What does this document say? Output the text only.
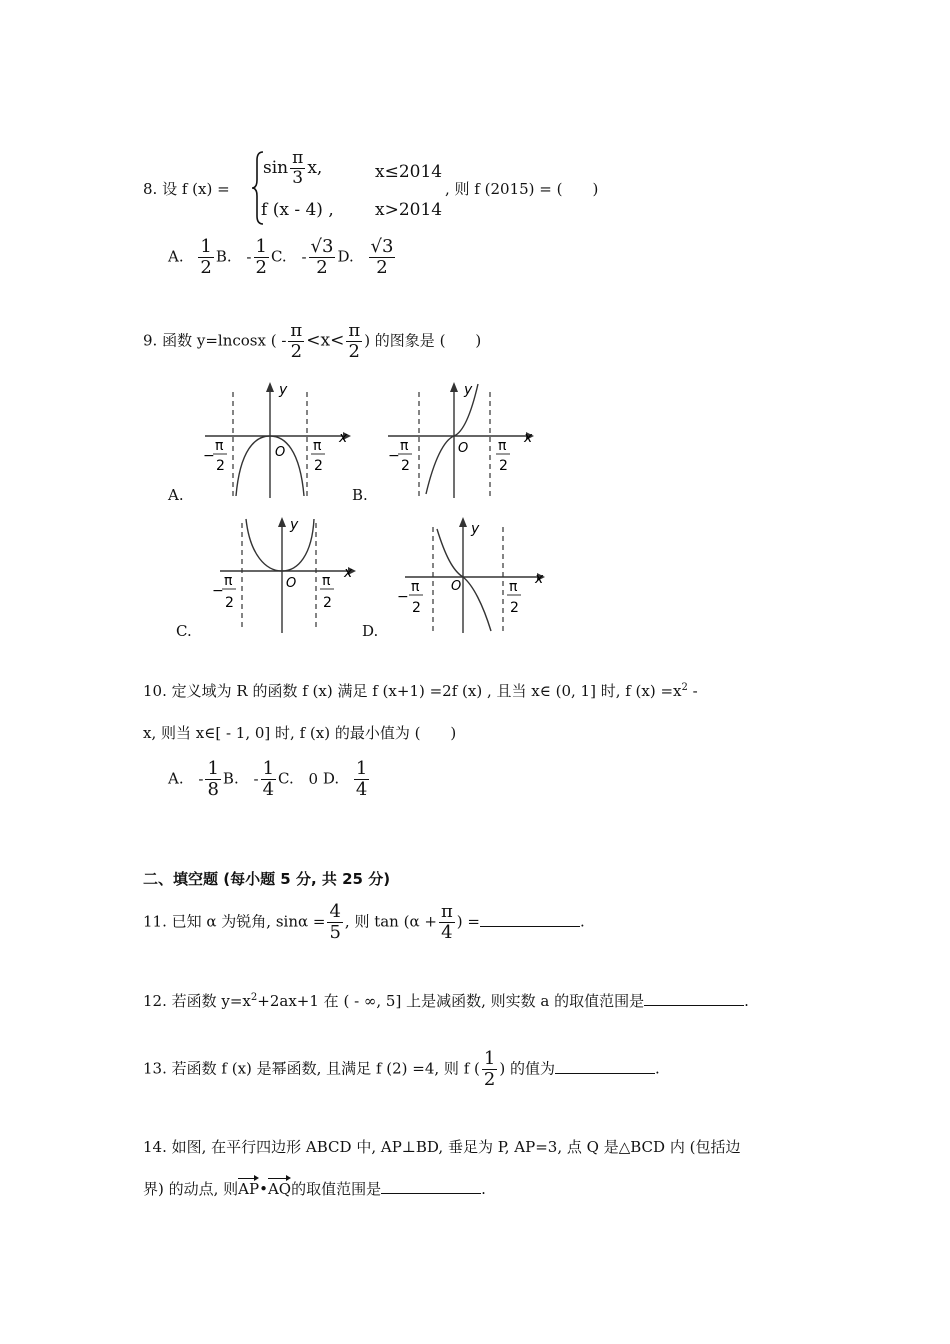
8. 设 f (x) =
$\sin \frac{\pi}{3} x$,	x≤2014
f (x - 4) , x>2014
, 则 f (2015) = (　　)
A. $\frac{1}{2} B$. - $\frac{1}{2} C$. - $\frac{√3}{2} D$. $\frac{√3}{2}$
9. 函数 y=lncosx ( - $\frac{\pi}{2} <x< \frac{\pi}{2}$ ) 的图象是 (　　)
y
x
O
−
π
2
π
2
A.
y
x
O
−
π
2
π
2
B.
y
x
O
−
π
2
π
2
C.
y
x
O
−
π
2
π
2
D.
10. 定义域为 R 的函数 f (x) 满足 f (x+1) =2f (x) , 且当 x∈ (0, 1] 时, f $(x) =x^2$ -
x, 则当 x∈[ - 1, 0] 时, f (x) 的最小值为 (　　)
A. - $\frac{1}{8} B$. - $\frac{1}{4} C$. 0 D. $\frac{1}{4}$
二、填空题 (每小题 5 分, 共 25 分)
11. 已知 α 为锐角, $\sin\alpha = \frac{4}{5}$ , 则 $\tan (\alpha + \frac{\pi}{4}$ ) =	.
12. 若函数 $y=x^2+2ax+1$ 在 ( - ∞, 5] 上是减函数, 则实数 a 的取值范围是	.
13. 若函数 f (x) 是幂函数, 且满足 f (2) =4, 则 f ( $\frac{1}{2}$ ) 的值为	.
14. 如图, 在平行四边形 ABCD 中, AP⊥BD, 垂足为 P, AP=3, 点 Q 是△BCD 内 (包括边
界) 的动点, 则AP•AQ的取值范围是	.
